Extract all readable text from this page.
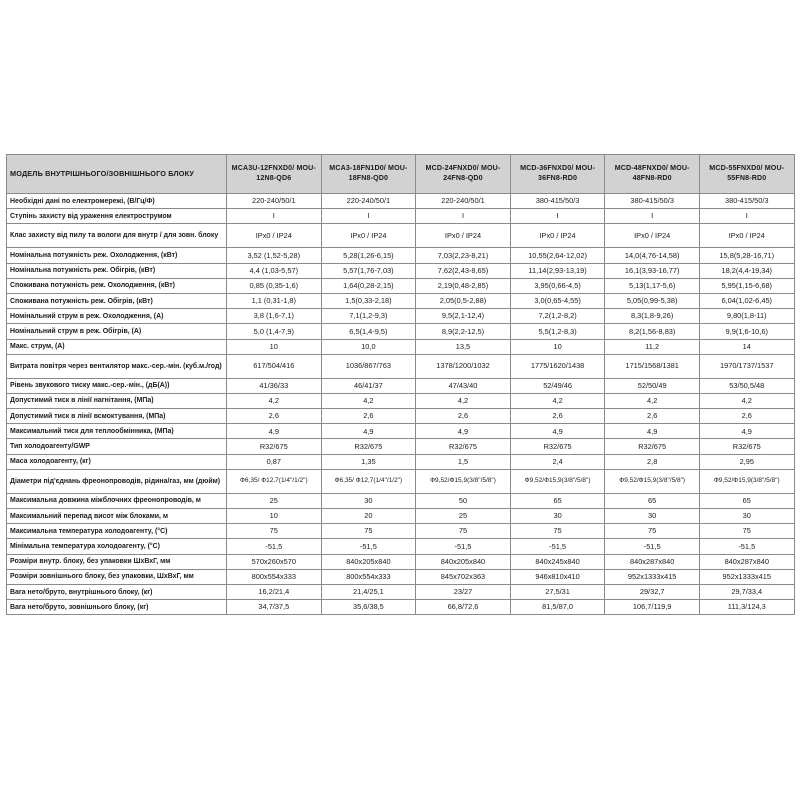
МОДЕЛЬ ВНУТРІШНЬОГО/ЗОВНІШНЬОГО БЛОКУ	MCA3U-12FNXD0/ MOU-12N8-QD6	MCA3-18FN1D0/ MOU-18FN8-QD0	MCD-24FNXD0/ MOU-24FN8-QD0	MCD-36FNXD0/ MOU-36FN8-RD0	MCD-48FNXD0/ MOU-48FN8-RD0	MCD-55FNXD0/ MOU-55FN8-RD0
Необхідні дані по електромережі, (В/Гц/Ф)	220-240/50/1	220-240/50/1	220-240/50/1	380-415/50/3	380-415/50/3	380-415/50/3
Ступінь захисту від ураження електрострумом	I	I	I	I	I	I
Клас захисту від пилу та вологи для внутр / для зовн. блоку	IPx0 / IP24	IPx0 / IP24	IPx0 / IP24	IPx0 / IP24	IPx0 / IP24	IPx0 / IP24
Номінальна потужність реж. Охолодження, (кВт)	3,52 (1,52-5,28)	5,28(1,26-6,15)	7,03(2,23-8,21)	10,55(2,64-12,02)	14,0(4,76-14,58)	15,8(5,28-16,71)
Номінальна потужність реж. Обігрів, (кВт)	4,4 (1,03-5,57)	5,57(1,76-7,03)	7,62(2,43-8,65)	11,14(2,93-13,19)	16,1(3,93-16,77)	18,2(4,4-19,34)
Споживана потужність реж. Охолодження, (кВт)	0,85 (0,35-1,6)	1,64(0,28-2,15)	2,19(0,48-2,85)	3,95(0,66-4,5)	5,13(1,17-5,6)	5,95(1,15-6,68)
Споживана потужність реж. Обігрів, (кВт)	1,1 (0,31-1,8)	1,5(0,33-2,18)	2,05(0,5-2,88)	3,0(0,65-4,55)	5,05(0,99-5,38)	6,04(1,02-6,45)
Номінальний струм в реж. Охолодження, (А)	3,8 (1,6-7,1)	7,1(1,2-9,3)	9,5(2,1-12,4)	7,2(1,2-8,2)	8,3(1,8-9,26)	9,80(1,8-11)
Номінальний струм в реж. Обігрів, (А)	5,0 (1,4-7,9)	6,5(1,4-9,5)	8,9(2,2-12,5)	5,5(1,2-8,3)	8,2(1,56-8,83)	9,9(1,6-10,6)
Макс. струм, (А)	10	10,0	13,5	10	11,2	14
Витрата повітря через вентилятор макс.-сер.-мін. (куб.м./год)	617/504/416	1036/867/763	1378/1200/1032	1775/1620/1438	1715/1568/1381	1970/1737/1537
Рівень звукового тиску макс.-сер.-мін., (дБ(А))	41/36/33	46/41/37	47/43/40	52/49/46	52/50/49	53/50,5/48
Допустимий тиск в лінії нагнітання, (МПа)	4,2	4,2	4,2	4,2	4,2	4,2
Допустимий тиск в лінії всмоктування, (МПа)	2,6	2,6	2,6	2,6	2,6	2,6
Максимальний тиск для теплообмінника, (МПа)	4,9	4,9	4,9	4,9	4,9	4,9
Тип холодоагенту/GWP	R32/675	R32/675	R32/675	R32/675	R32/675	R32/675
Маса холодоагенту, (кг)	0,87	1,35	1,5	2,4	2,8	2,95
Діаметри під'єднань фреонопроводів, рідина/газ, мм (дюйм)	Ф6,35/ Ф12,7(1/4"/1/2")	Ф6,35/ Ф12,7(1/4"/1/2")	Ф9,52/Ф15,9(3/8"/5/8")	Ф9,52/Ф15,9(3/8"/5/8")	Ф9,52/Ф15,9(3/8"/5/8")	Ф9,52/Ф15,9(3/8"/5/8")
Максимальна довжина міжблочних фреонопроводів, м	25	30	50	65	65	65
Максимальний перепад висот між блоками, м	10	20	25	30	30	30
Максимальна температура холодоагенту, (°С)	75	75	75	75	75	75
Мінімальна температура холодоагенту, (°С)	-51,5	-51,5	-51,5	-51,5	-51,5	-51,5
Розміри внутр. блоку, без упаковки ШхВхГ, мм	570х260х570	840х205х840	840х205х840	840х245х840	840х287х840	840х287х840
Розміри зовнішнього блоку, без упаковки, ШхВхГ, мм	800х554х333	800х554х333	845х702х363	946х810х410	952х1333х415	952х1333х415
Вага нето/бруто, внутрішнього блоку, (кг)	16,2/21,4	21,4/25,1	23/27	27,5/31	29/32,7	29,7/33,4
Вага нето/бруто, зовнішнього блоку, (кг)	34,7/37,5	35,6/38,5	66,8/72,6	81,5/87,0	106,7/119,9	111,3/124,3
